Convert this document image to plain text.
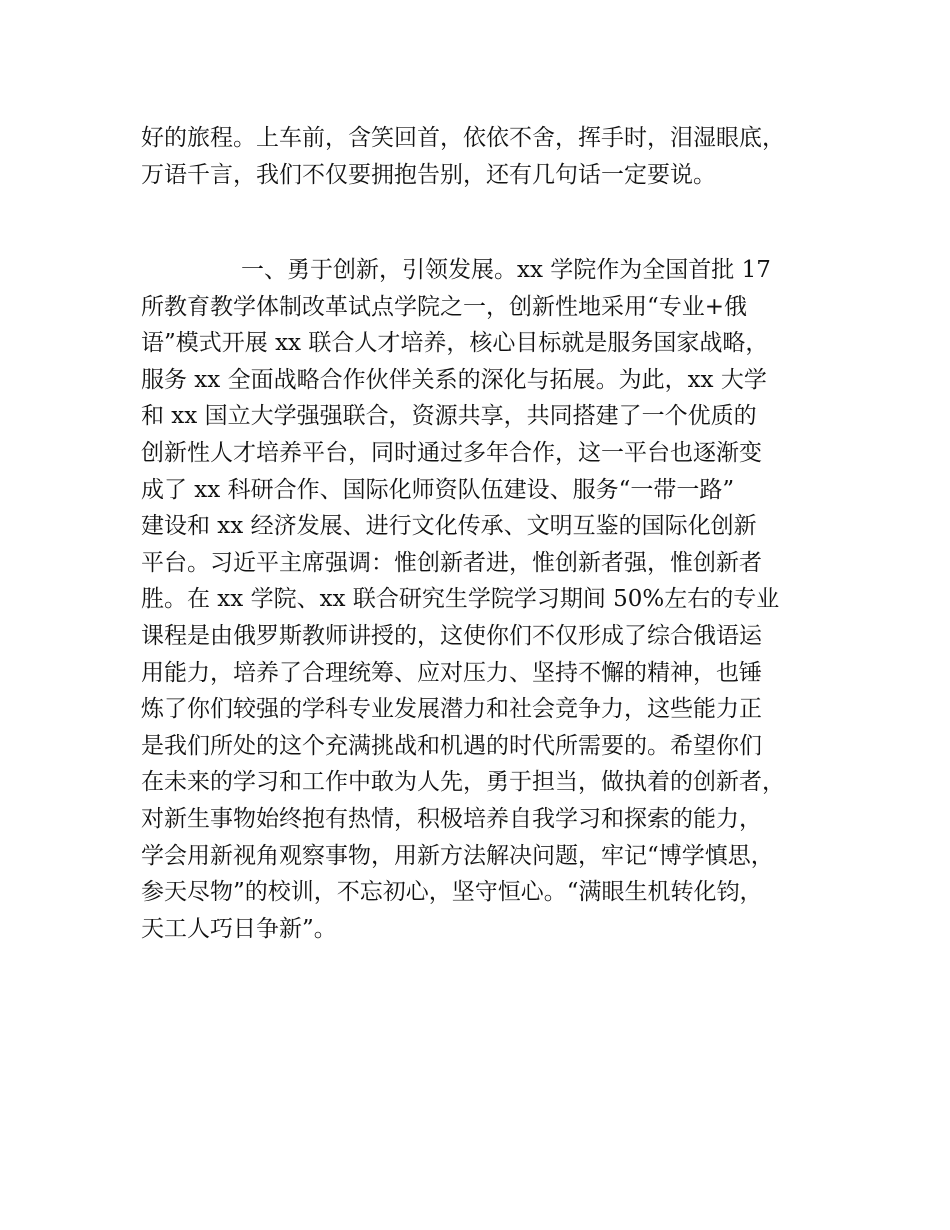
好的旅程。上车前，含笑回首，依依不舍，挥手时，泪湿眼底，
万语千言，我们不仅要拥抱告别，还有几句话一定要说。

一、勇于创新，引领发展。xx 学院作为全国首批 17
所教育教学体制改革试点学院之一，创新性地采用“专业+俄
语”模式开展 xx 联合人才培养，核心目标就是服务国家战略，
服务 xx 全面战略合作伙伴关系的深化与拓展。为此，xx 大学
和 xx 国立大学强强联合，资源共享，共同搭建了一个优质的
创新性人才培养平台，同时通过多年合作，这一平台也逐渐变
成了 xx 科研合作、国际化师资队伍建设、服务“一带一路”
建设和 xx 经济发展、进行文化传承、文明互鉴的国际化创新
平台。习近平主席强调：惟创新者进，惟创新者强，惟创新者
胜。在 xx 学院、xx 联合研究生学院学习期间 50%左右的专业
课程是由俄罗斯教师讲授的，这使你们不仅形成了综合俄语运
用能力，培养了合理统筹、应对压力、坚持不懈的精神，也锤
炼了你们较强的学科专业发展潜力和社会竞争力，这些能力正
是我们所处的这个充满挑战和机遇的时代所需要的。希望你们
在未来的学习和工作中敢为人先，勇于担当，做执着的创新者，
对新生事物始终抱有热情，积极培养自我学习和探索的能力，
学会用新视角观察事物，用新方法解决问题，牢记“博学慎思，
参天尽物”的校训，不忘初心，坚守恒心。“满眼生机转化钧，
天工人巧日争新”。
